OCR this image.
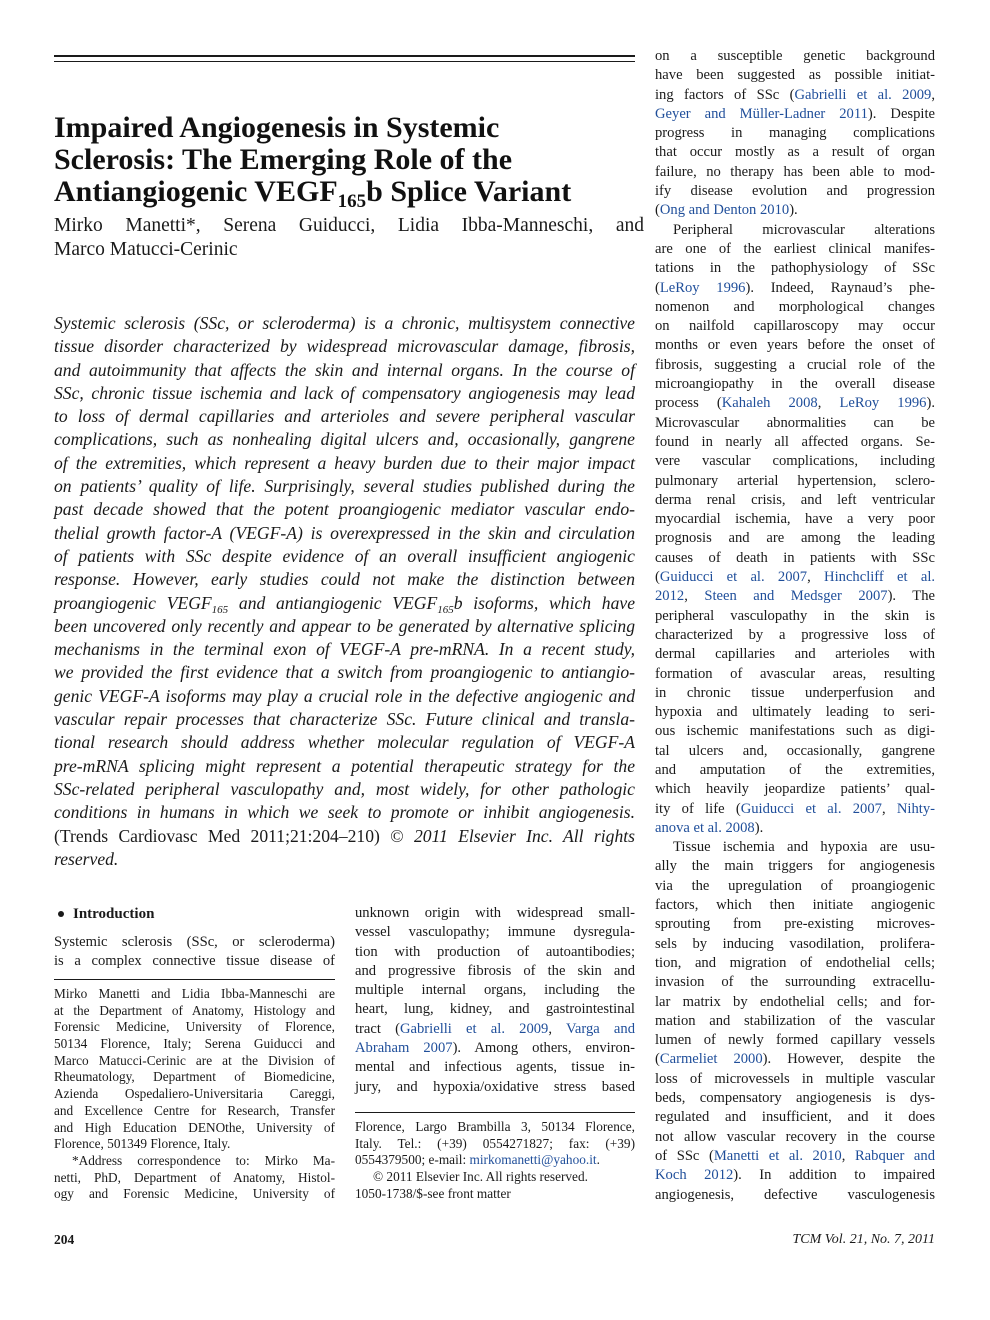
Impaired Angiogenesis in Systemic
Sclerosis: The Emerging Role of the
Antiangiogenic $VEGF_{165}b$ Splice Variant
Mirko Manetti*, Serena Guiducci, Lidia Ibba-Manneschi, and
Marco Matucci-Cerinic
Systemic sclerosis (SSc, or scleroderma) is a chronic, multisystem connective
tissue disorder characterized by widespread microvascular damage, fibrosis,
and autoimmunity that affects the skin and internal organs. In the course of
SSc, chronic tissue ischemia and lack of compensatory angiogenesis may lead
to loss of dermal capillaries and arterioles and severe peripheral vascular
complications, such as nonhealing digital ulcers and, occasionally, gangrene
of the extremities, which represent a heavy burden due to their major impact
on patients’ quality of life. Surprisingly, several studies published during the
past decade showed that the potent proangiogenic mediator vascular endo-
thelial growth factor-A (VEGF-A) is overexpressed in the skin and circulation
of patients with SSc despite evidence of an overall insufficient angiogenic
response. However, early studies could not make the distinction between
proangiogenic $VEGF_{165}$ and antiangiogenic $VEGF_{165}b$ isoforms, which have
been uncovered only recently and appear to be generated by alternative splicing
mechanisms in the terminal exon of VEGF-A pre-mRNA. In a recent study,
we provided the first evidence that a switch from proangiogenic to antiangio-
genic VEGF-A isoforms may play a crucial role in the defective angiogenic and
vascular repair processes that characterize SSc. Future clinical and transla-
tional research should address whether molecular regulation of VEGF-A
pre-mRNA splicing might represent a potential therapeutic strategy for the
SSc-related peripheral vasculopathy and, most widely, for other pathologic
conditions in humans in which we seek to promote or inhibit angiogenesis.
(Trends Cardiovasc Med 2011;21:204–210) © 2011 Elsevier Inc. All rights
reserved.
Introduction
Systemic sclerosis (SSc, or scleroderma)
is a complex connective tissue disease of
Mirko Manetti and Lidia Ibba-Manneschi are
at the Department of Anatomy, Histology and
Forensic Medicine, University of Florence,
50134 Florence, Italy; Serena Guiducci and
Marco Matucci-Cerinic are at the Division of
Rheumatology, Department of Biomedicine,
Azienda Ospedaliero-Universitaria Careggi,
and Excellence Centre for Research, Transfer
and High Education DENOthe, University of
Florence, 501349 Florence, Italy.
*Address correspondence to: Mirko Ma-
netti, PhD, Department of Anatomy, Histol-
ogy and Forensic Medicine, University of
unknown origin with widespread small-
vessel vasculopathy; immune dysregula-
tion with production of autoantibodies;
and progressive fibrosis of the skin and
multiple internal organs, including the
heart, lung, kidney, and gastrointestinal
tract (Gabrielli et al. 2009, Varga and
Abraham 2007). Among others, environ-
mental and infectious agents, tissue in-
jury, and hypoxia/oxidative stress based
Florence, Largo Brambilla 3, 50134 Florence,
Italy. Tel.: (+39) 0554271827; fax: (+39)
0554379500; e-mail: mirkomanetti@yahoo.it.
© 2011 Elsevier Inc. All rights reserved.
1050-1738/$-see front matter
on a susceptible genetic background
have been suggested as possible initiat-
ing factors of SSc (Gabrielli et al. 2009,
Geyer and Müller-Ladner 2011). Despite
progress in managing complications
that occur mostly as a result of organ
failure, no therapy has been able to mod-
ify disease evolution and progression
(Ong and Denton 2010).
Peripheral microvascular alterations
are one of the earliest clinical manifes-
tations in the pathophysiology of SSc
(LeRoy 1996). Indeed, Raynaud’s phe-
nomenon and morphological changes
on nailfold capillaroscopy may occur
months or even years before the onset of
fibrosis, suggesting a crucial role of the
microangiopathy in the overall disease
process (Kahaleh 2008, LeRoy 1996).
Microvascular abnormalities can be
found in nearly all affected organs. Se-
vere vascular complications, including
pulmonary arterial hypertension, sclero-
derma renal crisis, and left ventricular
myocardial ischemia, have a very poor
prognosis and are among the leading
causes of death in patients with SSc
(Guiducci et al. 2007, Hinchcliff et al.
2012, Steen and Medsger 2007). The
peripheral vasculopathy in the skin is
characterized by a progressive loss of
dermal capillaries and arterioles with
formation of avascular areas, resulting
in chronic tissue underperfusion and
hypoxia and ultimately leading to seri-
ous ischemic manifestations such as digi-
tal ulcers and, occasionally, gangrene
and amputation of the extremities,
which heavily jeopardize patients’ qual-
ity of life (Guiducci et al. 2007, Nihty-
anova et al. 2008).
Tissue ischemia and hypoxia are usu-
ally the main triggers for angiogenesis
via the upregulation of proangiogenic
factors, which then initiate angiogenic
sprouting from pre-existing microves-
sels by inducing vasodilation, prolifera-
tion, and migration of endothelial cells;
invasion of the surrounding extracellu-
lar matrix by endothelial cells; and for-
mation and stabilization of the vascular
lumen of newly formed capillary vessels
(Carmeliet 2000). However, despite the
loss of microvessels in multiple vascular
beds, compensatory angiogenesis is dys-
regulated and insufficient, and it does
not allow vascular recovery in the course
of SSc (Manetti et al. 2010, Rabquer and
Koch 2012). In addition to impaired
angiogenesis, defective vasculogenesis
204	TCM Vol. 21, No. 7, 2011
